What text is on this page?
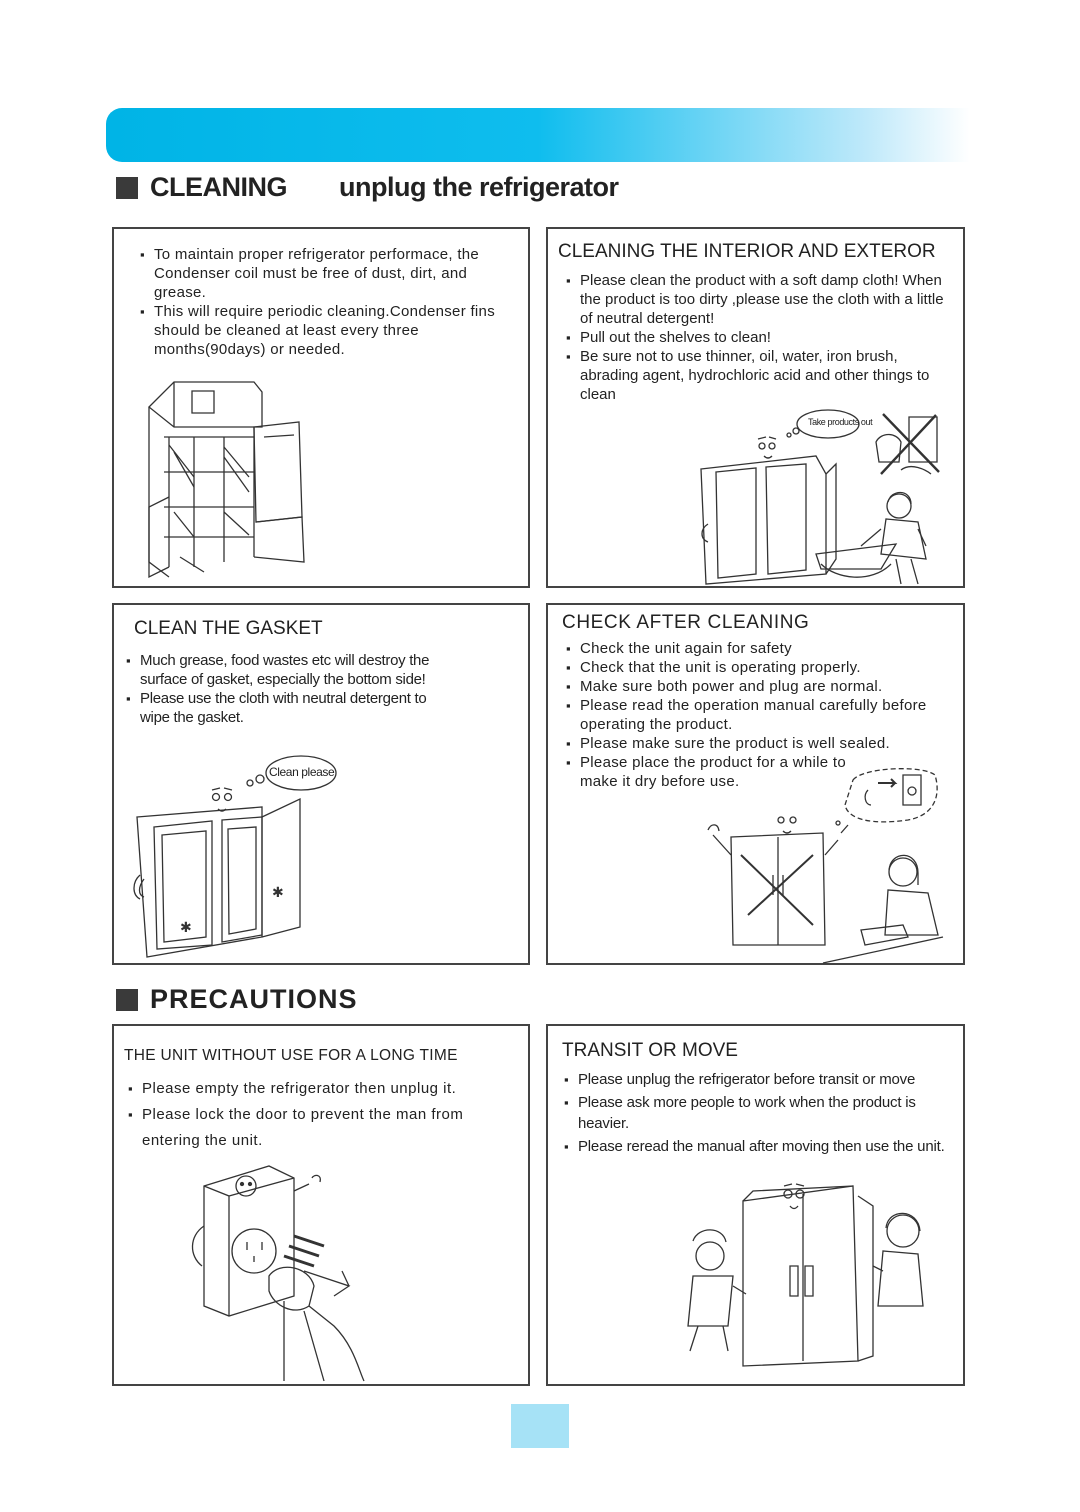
CLEANING unplug the refrigerator
▪ To maintain proper refrigerator performace, the Condenser coil must be free of dust, dirt, and grease.
▪ This will require periodic cleaning.Condenser fins should be cleaned at least every three months(90days) or needed.
CLEANING THE INTERIOR AND EXTEROR
▪ Please clean the product with a soft damp cloth! When the product is too dirty ,please use the cloth with a little of neutral detergent!
▪ Pull out the shelves to clean!
▪ Be sure not to use thinner, oil, water, iron brush, abrading agent, hydrochloric acid and other things to clean
Take products out
CLEAN THE GASKET
▪ Much grease, food wastes etc will destroy the surface of gasket, especially the bottom side!
▪ Please use the cloth with neutral detergent to wipe the gasket.
Clean please
✱
✱
CHECK AFTER CLEANING
▪ Check the unit again for safety
▪ Check that the unit is operating properly.
▪ Make sure both power and plug are normal.
▪ Please read the operation manual carefully before operating the product.
▪ Please make sure the product is well sealed.
▪ Please place the product for a while to make it dry before use.
PRECAUTIONS
THE UNIT WITHOUT USE FOR A LONG TIME
▪ Please empty the refrigerator then unplug it.
▪ Please lock the door to prevent the man from entering the unit.
TRANSIT OR MOVE
▪ Please unplug the refrigerator before transit or move
▪ Please ask more people to work when the product is heavier.
▪ Please reread the manual after moving then use the unit.
